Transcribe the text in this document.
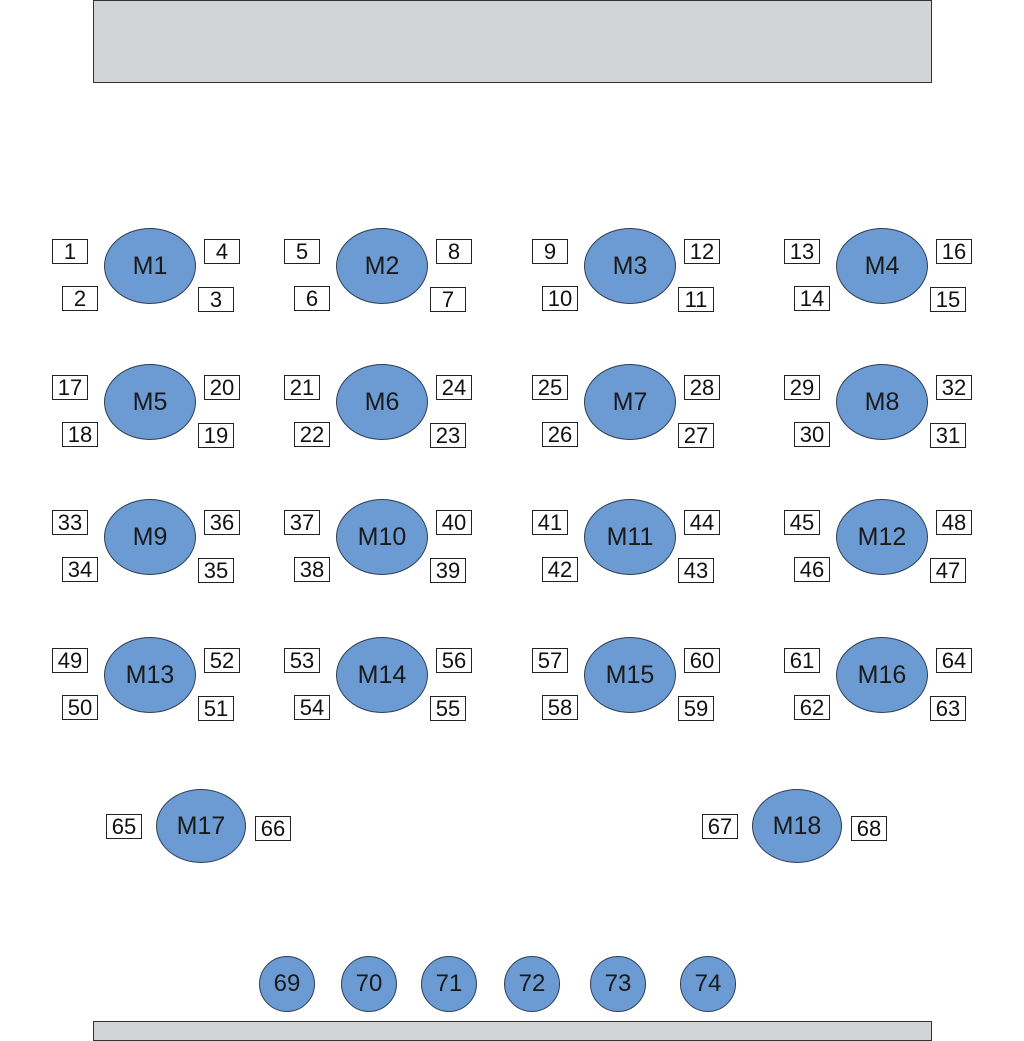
M1
1
2	3
4
M2
5
6	7
8
M3
9
10	11
12
M4
13
14	15
16
M5
17
18	19
20
M6
21
22	23
24
M7
25
26	27
28
M8
29
30	31
32
M9
33
34	35
36
M10
37
38	39
40
M11
41
42	43
44
M12
45
46	47
48
M13
49
50	51
52
M14
53
54	55
56
M15
57
58	59
60
M16
61
62	63
64
M17
65	66	M18
67	68
69	70	71	72	73	74
